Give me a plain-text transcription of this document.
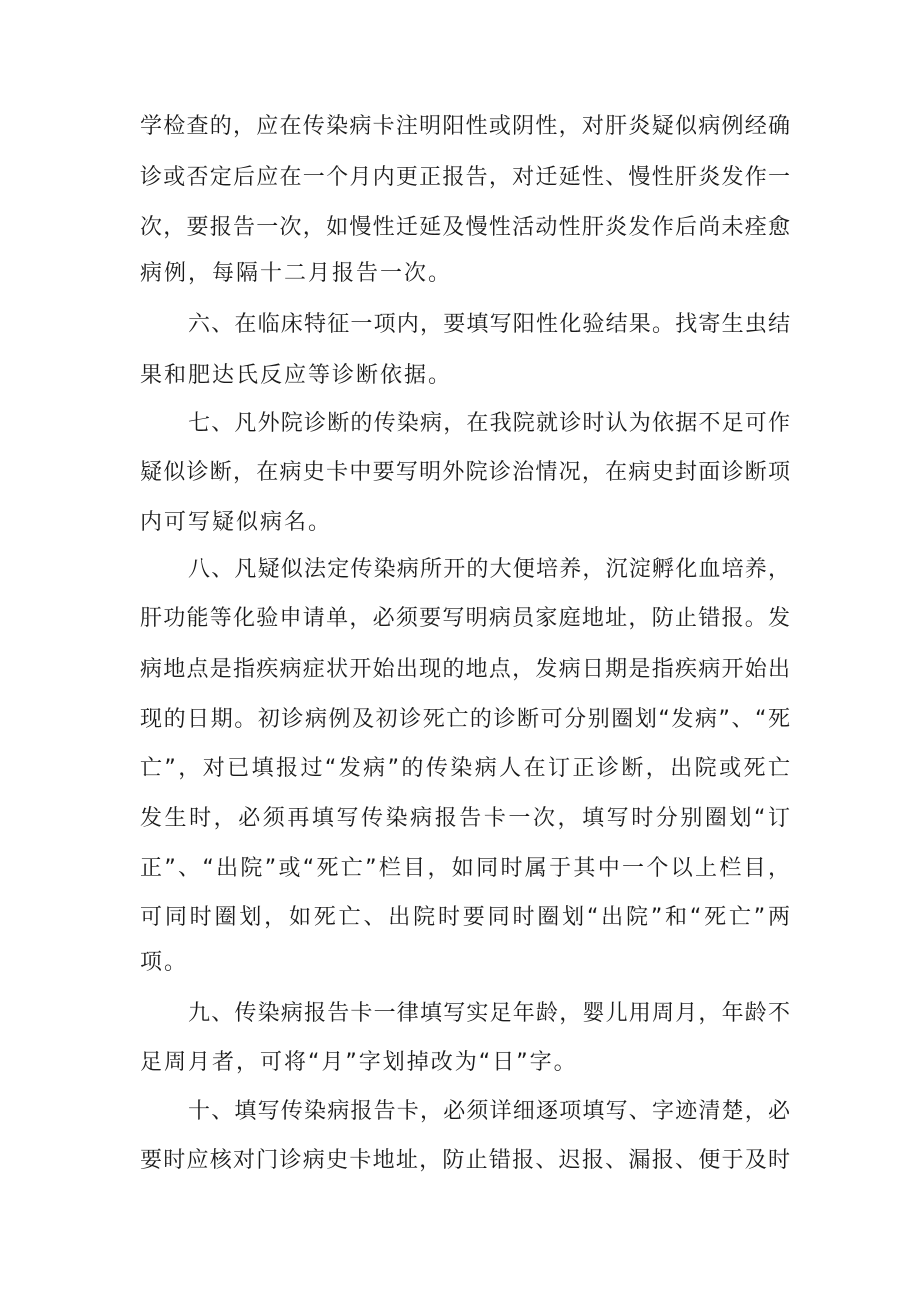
学检查的，应在传染病卡注明阳性或阴性，对肝炎疑似病例经确
诊或否定后应在一个月内更正报告，对迁延性、慢性肝炎发作一
次，要报告一次，如慢性迁延及慢性活动性肝炎发作后尚未痊愈
病例，每隔十二月报告一次。
六、在临床特征一项内，要填写阳性化验结果。找寄生虫结
果和肥达氏反应等诊断依据。
七、凡外院诊断的传染病，在我院就诊时认为依据不足可作
疑似诊断，在病史卡中要写明外院诊治情况，在病史封面诊断项
内可写疑似病名。
八、凡疑似法定传染病所开的大便培养，沉淀孵化血培养，
肝功能等化验申请单，必须要写明病员家庭地址，防止错报。发
病地点是指疾病症状开始出现的地点，发病日期是指疾病开始出
现的日期。初诊病例及初诊死亡的诊断可分别圈划“发病”、“死
亡”，对已填报过“发病”的传染病人在订正诊断，出院或死亡
发生时，必须再填写传染病报告卡一次，填写时分别圈划“订
正”、“出院”或“死亡”栏目，如同时属于其中一个以上栏目，
可同时圈划，如死亡、出院时要同时圈划“出院”和“死亡”两
项。
九、传染病报告卡一律填写实足年龄，婴儿用周月，年龄不
足周月者，可将“月”字划掉改为“日”字。
十、填写传染病报告卡，必须详细逐项填写、字迹清楚，必
要时应核对门诊病史卡地址，防止错报、迟报、漏报、便于及时
